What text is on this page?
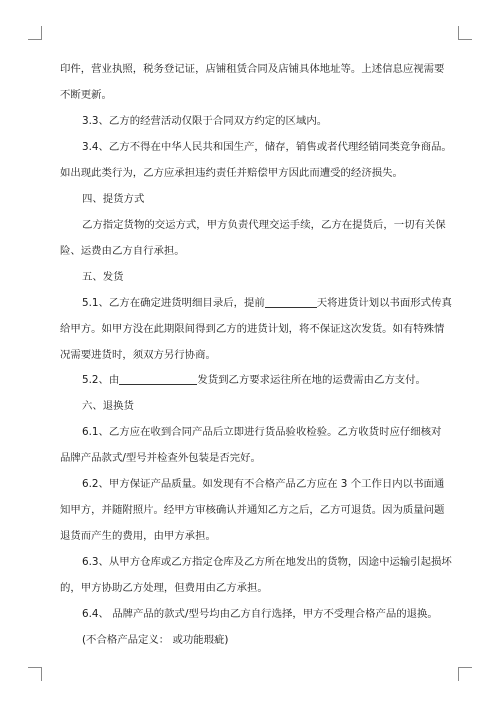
印件，营业执照，税务登记证，店铺租赁合同及店铺具体地址等。上述信息应视需要
不断更新。
3.3、乙方的经营活动仅限于合同双方约定的区域内。
3.4、乙方不得在中华人民共和国生产，储存，销售或者代理经销同类竞争商品。
如出现此类行为，乙方应承担违约责任并赔偿甲方因此而遭受的经济损失。
四、提货方式
乙方指定货物的交运方式，甲方负责代理交运手续，乙方在提货后，一切有关保
险、运费由乙方自行承担。
五、发货
5.1、乙方在确定进货明细目录后，提前	天将进货计划以书面形式传真
给甲方。如甲方没在此期限间得到乙方的进货计划，将不保证这次发货。如有特殊情
况需要进货时，须双方另行协商。
5.2、由	发货到乙方要求运往所在地的运费需由乙方支付。
六、退换货
6.1、乙方应在收到合同产品后立即进行货品验收检验。乙方收货时应仔细核对
品牌产品款式/型号并检查外包装是否完好。
6.2、甲方保证产品质量。如发现有不合格产品乙方应在 3 个工作日内以书面通
知甲方，并随附照片。经甲方审核确认并通知乙方之后，乙方可退货。因为质量问题
退货而产生的费用，由甲方承担。
6.3、从甲方仓库或乙方指定仓库及乙方所在地发出的货物，因途中运输引起损坏
的，甲方协助乙方处理，但费用由乙方承担。
6.4、 品牌产品的款式/型号均由乙方自行选择，甲方不受理合格产品的退换。
(不合格产品定义： 或功能瑕疵)
